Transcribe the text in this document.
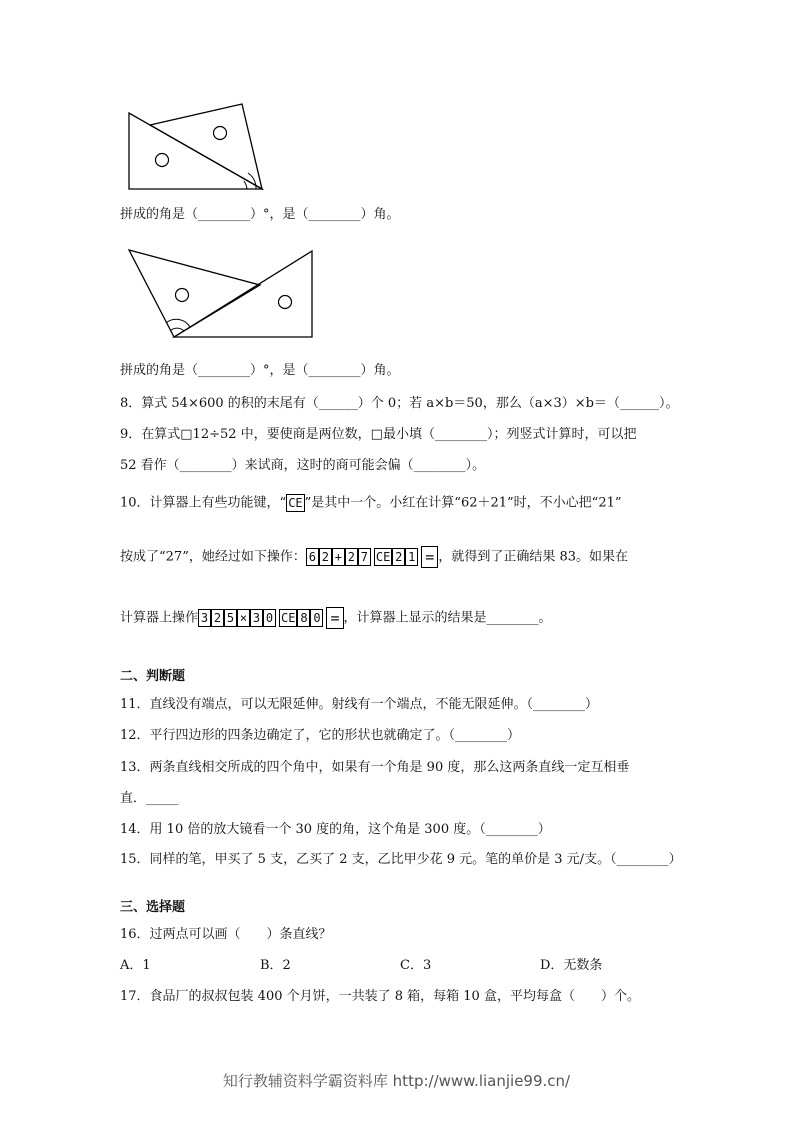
拼成的角是（________）°，是（________）角。
拼成的角是（________）°，是（________）角。
8．算式 54×600 的积的末尾有（______）个 0；若 a×b＝50，那么（a×3）×b＝（______）。
9．在算式□12÷52 中，要使商是两位数，□最小填（________）；列竖式计算时，可以把
52 看作（________）来试商，这时的商可能会偏（________）。
10．计算器上有些功能键，“ CE ”是其中一个。小红在计算“62＋21”时，不小心把“21”
按成了“27”，她经过如下操作： 6 2 + 2 7 CE 2 1 = ，就得到了正确结果 83。如果在
计算器上操作 3 2 5 × 3 0 CE 8 0 = ，计算器上显示的结果是________。
二、判断题
11．直线没有端点，可以无限延伸。射线有一个端点，不能无限延伸。（________）
12．平行四边形的四条边确定了，它的形状也就确定了。（________）
13．两条直线相交所成的四个角中，如果有一个角是 90 度，那么这两条直线一定互相垂
直．_____
14．用 10 倍的放大镜看一个 30 度的角，这个角是 300 度。（________）
15．同样的笔，甲买了 5 支，乙买了 2 支，乙比甲少花 9 元。笔的单价是 3 元/支。（________）
三、选择题
16．过两点可以画（　　）条直线？
A．1	B．2	C．3	D．无数条
17．食品厂的叔叔包装 400 个月饼，一共装了 8 箱，每箱 10 盒，平均每盒（　　）个。
知行教辅资料学霸资料库 http://www.lianjie99.cn/
